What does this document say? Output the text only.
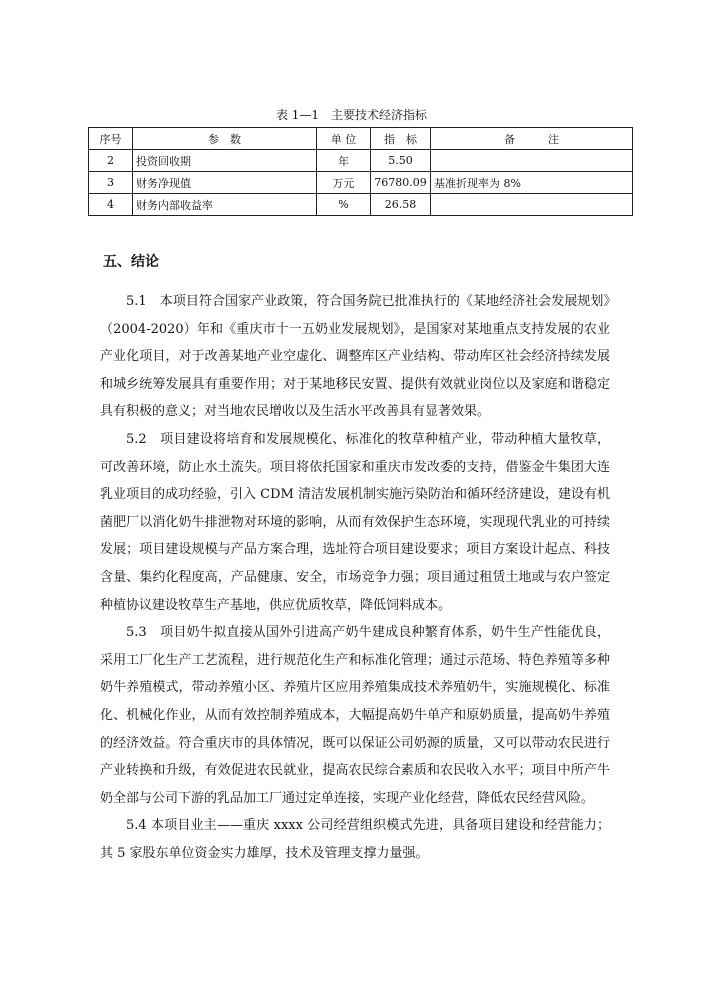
表 1—1　主要技术经济指标
序号	参　数	单 位	指　标	备　　　注
2	投资回收期	年	5.50	
3	财务净现值	万元	76780.09	基准折现率为 8%
4	财务内部收益率	%	26.58	
五、结论

5.1　本项目符合国家产业政策，符合国务院已批准执行的《某地经济社会发展规划》（2004-2020）年和《重庆市十一五奶业发展规划》，是国家对某地重点支持发展的农业产业化项目，对于改善某地产业空虚化、调整库区产业结构、带动库区社会经济持续发展和城乡统筹发展具有重要作用；对于某地移民安置、提供有效就业岗位以及家庭和谐稳定具有积极的意义；对当地农民增收以及生活水平改善具有显著效果。

5.2　项目建设将培育和发展规模化、标准化的牧草种植产业，带动种植大量牧草，可改善环境，防止水土流失。项目将依托国家和重庆市发改委的支持，借鉴金牛集团大连乳业项目的成功经验，引入 CDM 清洁发展机制实施污染防治和循环经济建设，建设有机菌肥厂以消化奶牛排泄物对环境的影响，从而有效保护生态环境，实现现代乳业的可持续发展；项目建设规模与产品方案合理，选址符合项目建设要求；项目方案设计起点、科技含量、集约化程度高，产品健康、安全，市场竞争力强；项目通过租赁土地或与农户签定种植协议建设牧草生产基地，供应优质牧草，降低饲料成本。

5.3　项目奶牛拟直接从国外引进高产奶牛建成良种繁育体系，奶牛生产性能优良，采用工厂化生产工艺流程，进行规范化生产和标准化管理；通过示范场、特色养殖等多种奶牛养殖模式，带动养殖小区、养殖片区应用养殖集成技术养殖奶牛，实施规模化、标准化、机械化作业，从而有效控制养殖成本，大幅提高奶牛单产和原奶质量，提高奶牛养殖的经济效益。符合重庆市的具体情况，既可以保证公司奶源的质量，又可以带动农民进行产业转换和升级，有效促进农民就业，提高农民综合素质和农民收入水平；项目中所产牛奶全部与公司下游的乳品加工厂通过定单连接，实现产业化经营，降低农民经营风险。

5.4 本项目业主——重庆 xxxx 公司经营组织模式先进，具备项目建设和经营能力；其 5 家股东单位资金实力雄厚，技术及管理支撑力量强。
